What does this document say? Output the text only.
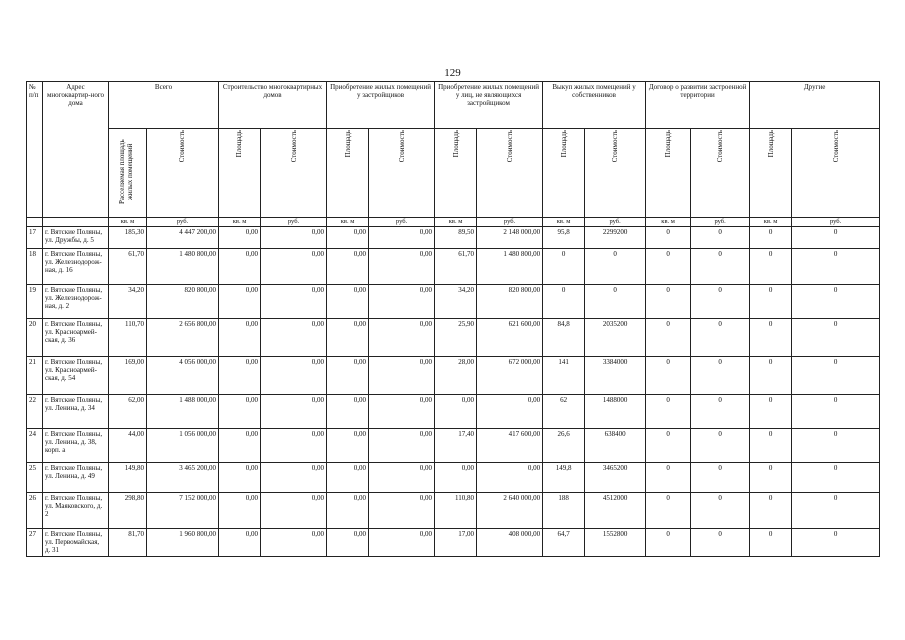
129
№ п/п	Адрес многоквартир-ного дома	Всего		Строительство многоквартирных домов		Приобретение жилых помещений у застройщиков		Приобретение жилых помещений у лиц, не являющихся застройщиком		Выкуп жилых помещений у собственников		Договор о развитии застроенной территории		Другие	
		Расселяемая площадь жилых помещений	Стоимость	Площадь	Стоимость	Площадь	Стоимость	Площадь	Стоимость	Площадь	Стоимость	Площадь	Стоимость	Площадь	Стоимость
		кв. м	руб.	кв. м	руб.	кв. м	руб.	кв. м	руб.	кв. м	руб.	кв. м	руб.	кв. м	руб.
17	г. Вятские Поляны, ул. Дружбы, д. 5	185,30	4 447 200,00	0,00	0,00	0,00	0,00	89,50	2 148 000,00	95,8	2299200	0	0	0	0
18	г. Вятские Поляны, ул. Железнодорож-ная, д. 16	61,70	1 480 800,00	0,00	0,00	0,00	0,00	61,70	1 480 800,00	0	0	0	0	0	0
19	г. Вятские Поляны, ул. Железнодорож-ная, д. 2	34,20	820 800,00	0,00	0,00	0,00	0,00	34,20	820 800,00	0	0	0	0	0	0
20	г. Вятские Поляны, ул. Красноармей-ская, д. 36	110,70	2 656 800,00	0,00	0,00	0,00	0,00	25,90	621 600,00	84,8	2035200	0	0	0	0
21	г. Вятские Поляны, ул. Красноармей-ская, д. 54	169,00	4 056 000,00	0,00	0,00	0,00	0,00	28,00	672 000,00	141	3384000	0	0	0	0
22	г. Вятские Поляны, ул. Ленина, д. 34	62,00	1 488 000,00	0,00	0,00	0,00	0,00	0,00	0,00	62	1488000	0	0	0	0
24	г. Вятские Поляны, ул. Ленина, д. 38, корп. а	44,00	1 056 000,00	0,00	0,00	0,00	0,00	17,40	417 600,00	26,6	638400	0	0	0	0
25	г. Вятские Поляны, ул. Ленина, д. 49	149,80	3 465 200,00	0,00	0,00	0,00	0,00	0,00	0,00	149,8	3465200	0	0	0	0
26	г. Вятские Поляны, ул. Маяковского, д. 2	298,80	7 152 000,00	0,00	0,00	0,00	0,00	110,80	2 640 000,00	188	4512000	0	0	0	0
27	г. Вятские Поляны, ул. Первомайская, д. 31	81,70	1 960 800,00	0,00	0,00	0,00	0,00	17,00	408 000,00	64,7	1552800	0	0	0	0
